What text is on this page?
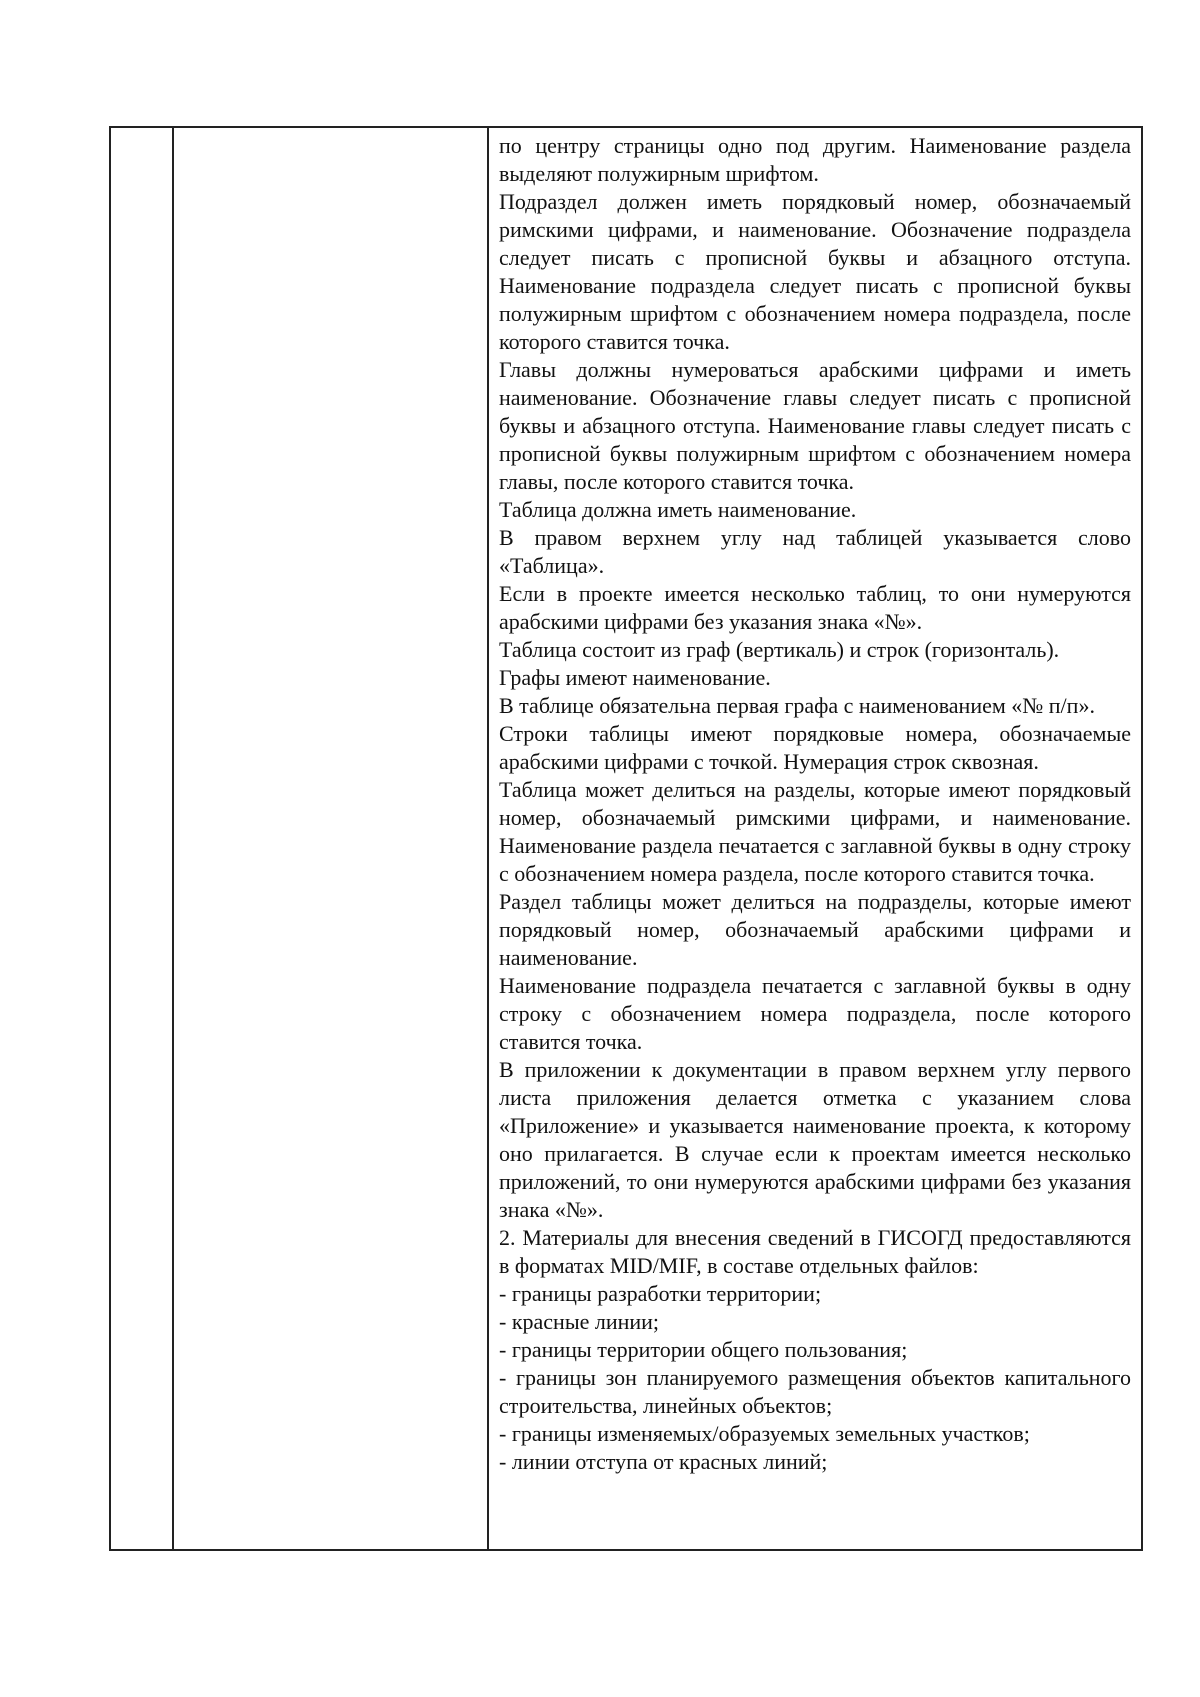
по центру страницы одно под другим. Наименование раздела выделяют полужирным шрифтом.

Подраздел должен иметь порядковый номер, обозначаемый римскими цифрами, и наименование. Обозначение подраздела следует писать с прописной буквы и абзацного отступа. Наименование подраздела следует писать с прописной буквы полужирным шрифтом с обозначением номера подраздела, после которого ставится точка.

Главы должны нумероваться арабскими цифрами и иметь наименование. Обозначение главы следует писать с прописной буквы и абзацного отступа. Наименование главы следует писать с прописной буквы полужирным шрифтом с обозначением номера главы, после которого ставится точка.

Таблица должна иметь наименование.

В правом верхнем углу над таблицей указывается слово «Таблица».

Если в проекте имеется несколько таблиц, то они нумеруются арабскими цифрами без указания знака «№».

Таблица состоит из граф (вертикаль) и строк (горизонталь).

Графы имеют наименование.

В таблице обязательна первая графа с наименованием «№ п/п».

Строки таблицы имеют порядковые номера, обозначаемые арабскими цифрами с точкой. Нумерация строк сквозная.

Таблица может делиться на разделы, которые имеют порядковый номер, обозначаемый римскими цифрами, и наименование. Наименование раздела печатается с заглавной буквы в одну строку с обозначением номера раздела, после которого ставится точка.

Раздел таблицы может делиться на подразделы, которые имеют порядковый номер, обозначаемый арабскими цифрами и наименование.

Наименование подраздела печатается с заглавной буквы в одну строку с обозначением номера подраздела, после которого ставится точка.

В приложении к документации в правом верхнем углу первого листа приложения делается отметка с указанием слова «Приложение» и указывается наименование проекта, к которому оно прилагается. В случае если к проектам имеется несколько приложений, то они нумеруются арабскими цифрами без указания знака «№».

2. Материалы для внесения сведений в ГИСОГД предоставляются в форматах MID/MIF, в составе отдельных файлов:

- границы разработки территории;

- красные линии;

- границы территории общего пользования;

- границы зон планируемого размещения объектов капитального строительства, линейных объектов;

- границы изменяемых/образуемых земельных участков;

- линии отступа от красных линий;
